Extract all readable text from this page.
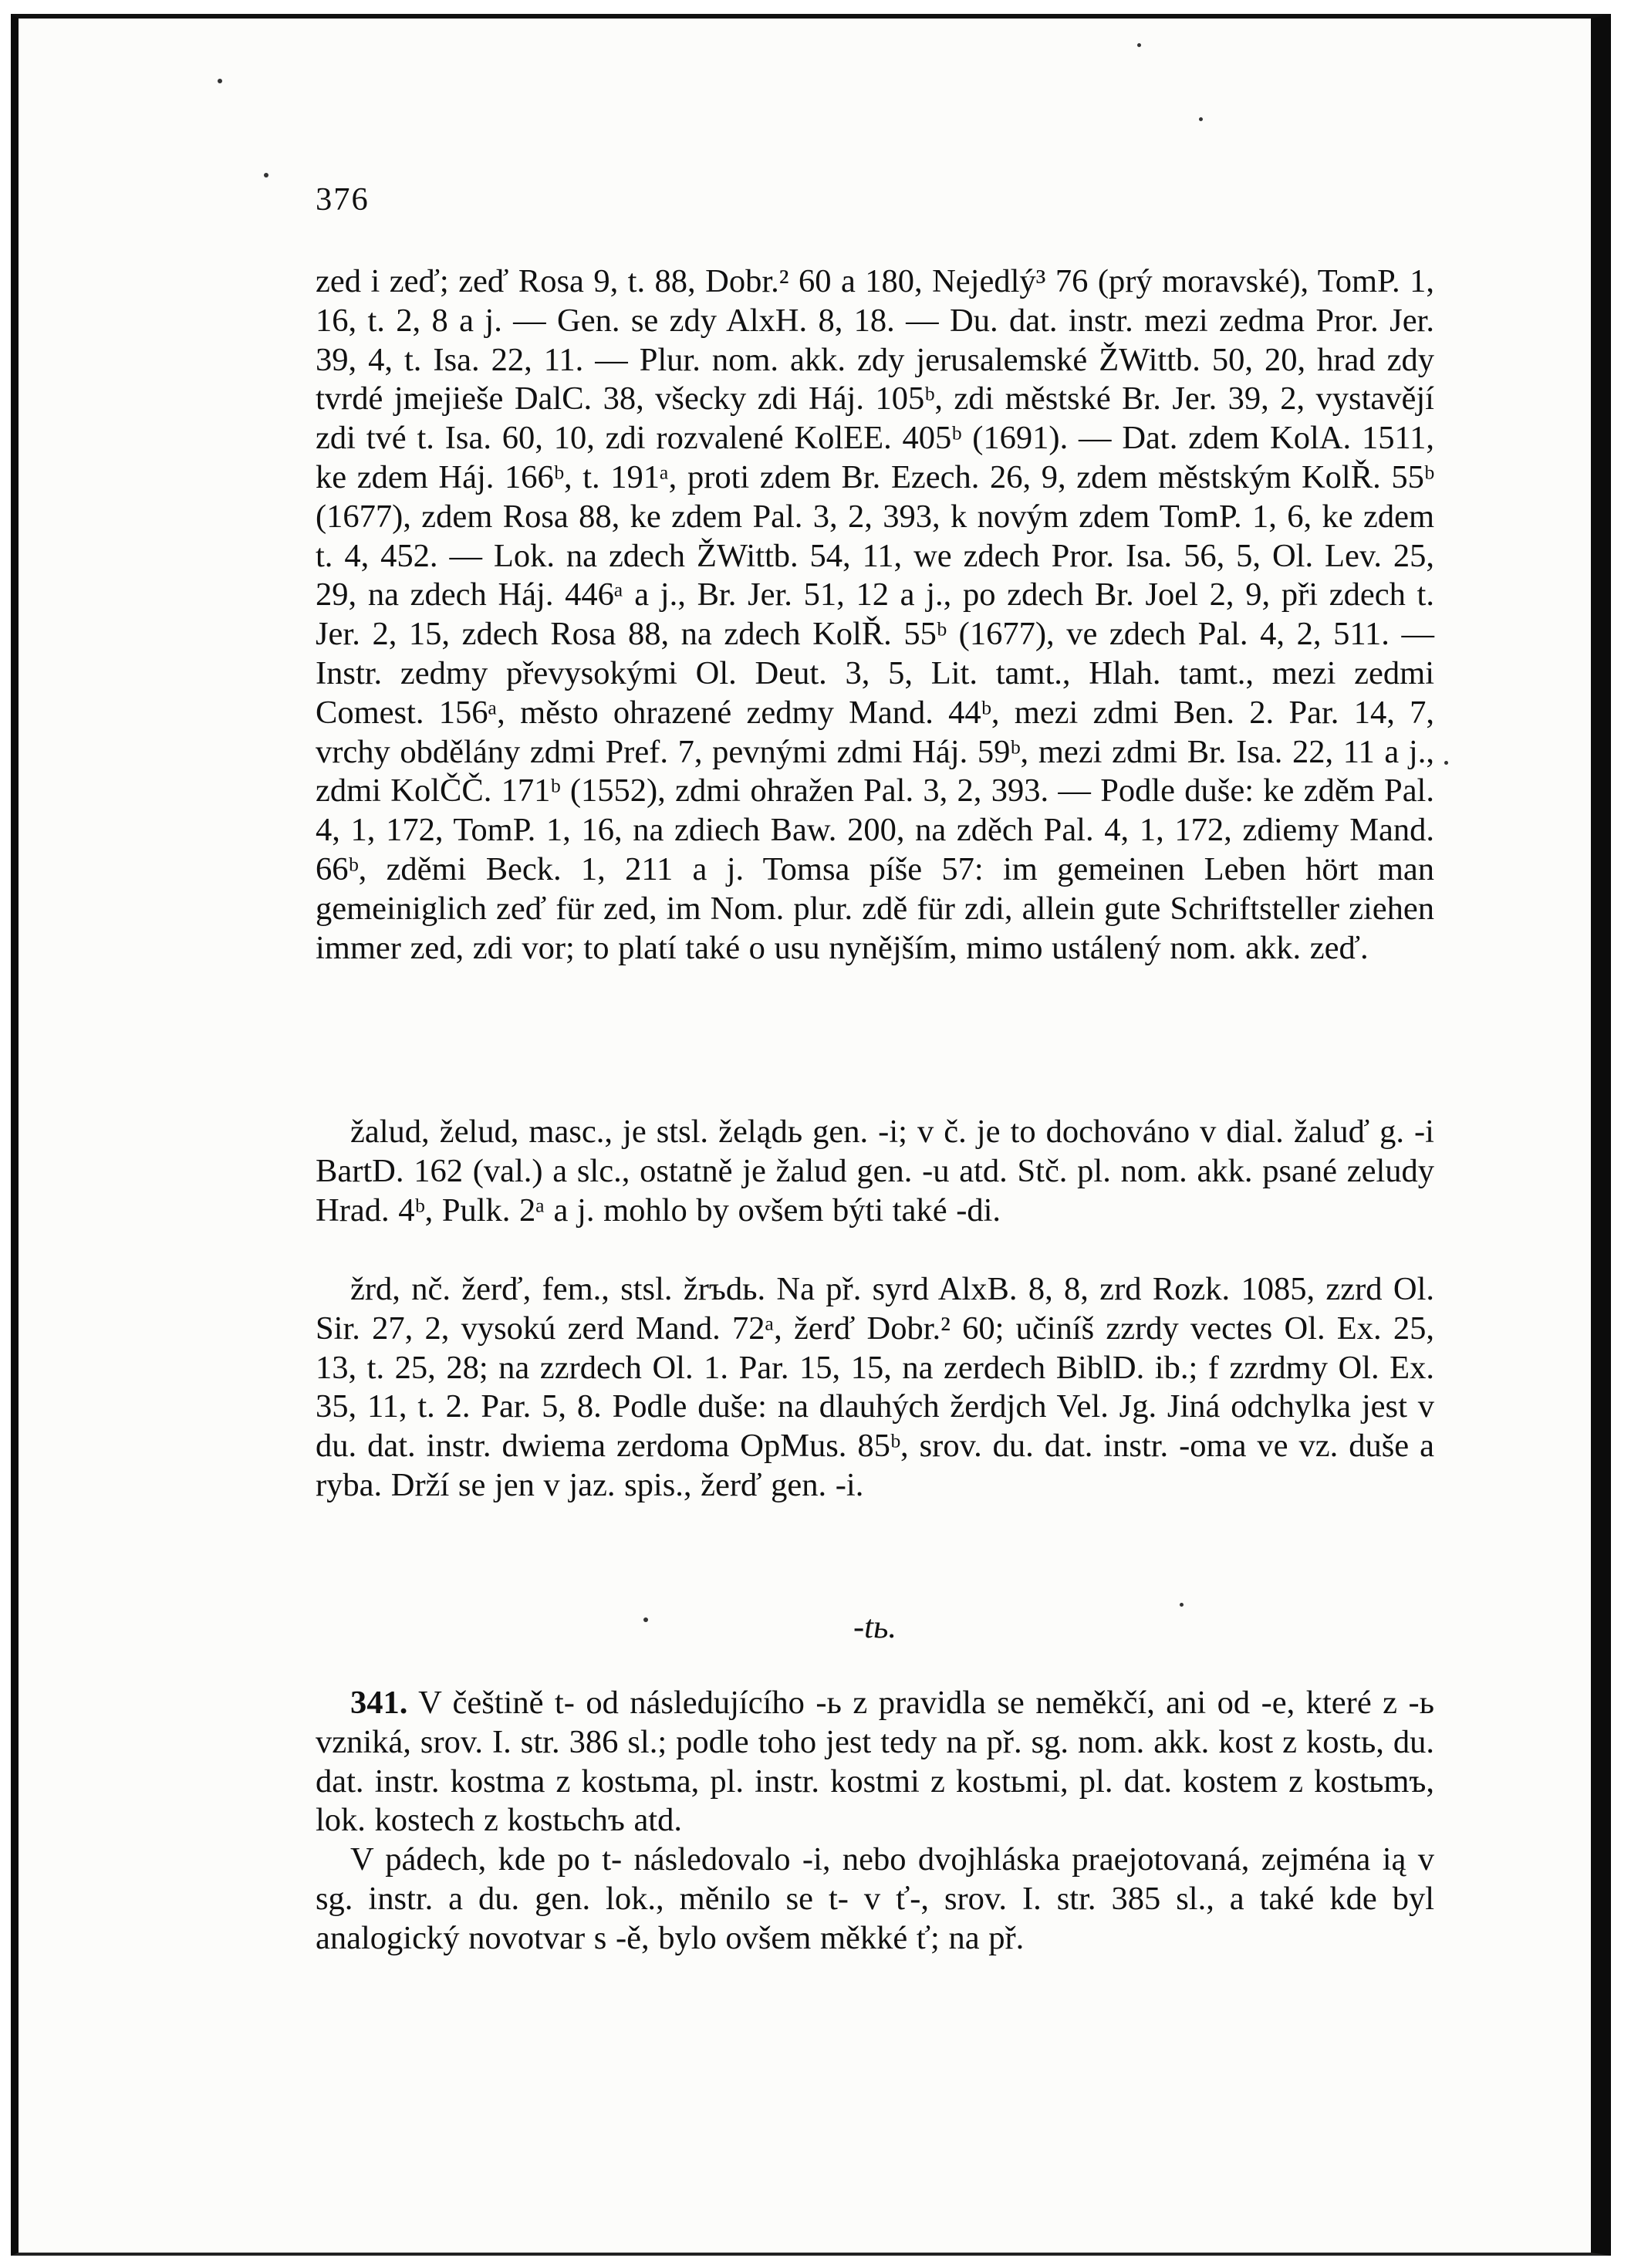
376

zed i zeď; zeď Rosa 9, t. 88, Dobr.² 60 a 180, Nejedlý³ 76 (prý moravské), TomP. 1, 16, t. 2, 8 a j. — Gen. se zdy AlxH. 8, 18. — Du. dat. instr. mezi zedma Pror. Jer. 39, 4, t. Isa. 22, 11. — Plur. nom. akk. zdy jerusalemské ŽWittb. 50, 20, hrad zdy tvrdé jmejieše DalC. 38, všecky zdi Háj. 105ᵇ, zdi městské Br. Jer. 39, 2, vystavějí zdi tvé t. Isa. 60, 10, zdi rozvalené KolEE. 405ᵇ (1691). — Dat. zdem KolA. 1511, ke zdem Háj. 166ᵇ, t. 191ᵃ, proti zdem Br. Ezech. 26, 9, zdem městským KolŘ. 55ᵇ (1677), zdem Rosa 88, ke zdem Pal. 3, 2, 393, k novým zdem TomP. 1, 6, ke zdem t. 4, 452. — Lok. na zdech ŽWittb. 54, 11, we zdech Pror. Isa. 56, 5, Ol. Lev. 25, 29, na zdech Háj. 446ᵃ a j., Br. Jer. 51, 12 a j., po zdech Br. Joel 2, 9, při zdech t. Jer. 2, 15, zdech Rosa 88, na zdech KolŘ. 55ᵇ (1677), ve zdech Pal. 4, 2, 511. — Instr. zedmy převysokými Ol. Deut. 3, 5, Lit. tamt., Hlah. tamt., mezi zedmi Comest. 156ᵃ, město ohrazené zedmy Mand. 44ᵇ, mezi zdmi Ben. 2. Par. 14, 7, vrchy obdělány zdmi Pref. 7, pevnými zdmi Háj. 59ᵇ, mezi zdmi Br. Isa. 22, 11 a j., zdmi KolČČ. 171ᵇ (1552), zdmi ohražen Pal. 3, 2, 393. — Podle duše: ke zděm Pal. 4, 1, 172, TomP. 1, 16, na zdiech Baw. 200, na zděch Pal. 4, 1, 172, zdiemy Mand. 66ᵇ, zděmi Beck. 1, 211 a j. Tomsa píše 57: im gemeinen Leben hört man gemeiniglich zeď für zed, im Nom. plur. zdě für zdi, allein gute Schriftsteller ziehen immer zed, zdi vor; to platí také o usu nynějším, mimo ustálený nom. akk. zeď.

žalud, želud, masc., je stsl. želądь gen. -i; v č. je to dochováno v dial. žaluď g. -i BartD. 162 (val.) a slc., ostatně je žalud gen. -u atd. Stč. pl. nom. akk. psané zeludy Hrad. 4ᵇ, Pulk. 2ᵃ a j. mohlo by ovšem býti také -di.

žrd, nč. žerď, fem., stsl. žrъdь. Na př. syrd AlxB. 8, 8, zrd Rozk. 1085, zzrd Ol. Sir. 27, 2, vysokú zerd Mand. 72ᵃ, žerď Dobr.² 60; učiníš zzrdy vectes Ol. Ex. 25, 13, t. 25, 28; na zzrdech Ol. 1. Par. 15, 15, na zerdech BiblD. ib.; f zzrdmy Ol. Ex. 35, 11, t. 2. Par. 5, 8. Podle duše: na dlauhých žerdjch Vel. Jg. Jiná odchylka jest v du. dat. instr. dwiema zerdoma OpMus. 85ᵇ, srov. du. dat. instr. -oma ve vz. duše a ryba. Drží se jen v jaz. spis., žerď gen. -i.

-tь.

341. V češtině t- od následujícího -ь z pravidla se neměkčí, ani od -e, které z -ь vzniká, srov. I. str. 386 sl.; podle toho jest tedy na př. sg. nom. akk. kost z kostь, du. dat. instr. kostma z kostьma, pl. instr. kostmi z kostьmi, pl. dat. kostem z kostьmъ, lok. kostech z kostьchъ atd.

V pádech, kde po t- následovalo -i, nebo dvojhláska praejotovaná, zejména ią v sg. instr. a du. gen. lok., měnilo se t- v ť-, srov. I. str. 385 sl., a také kde byl analogický novotvar s -ě, bylo ovšem měkké ť; na př.
